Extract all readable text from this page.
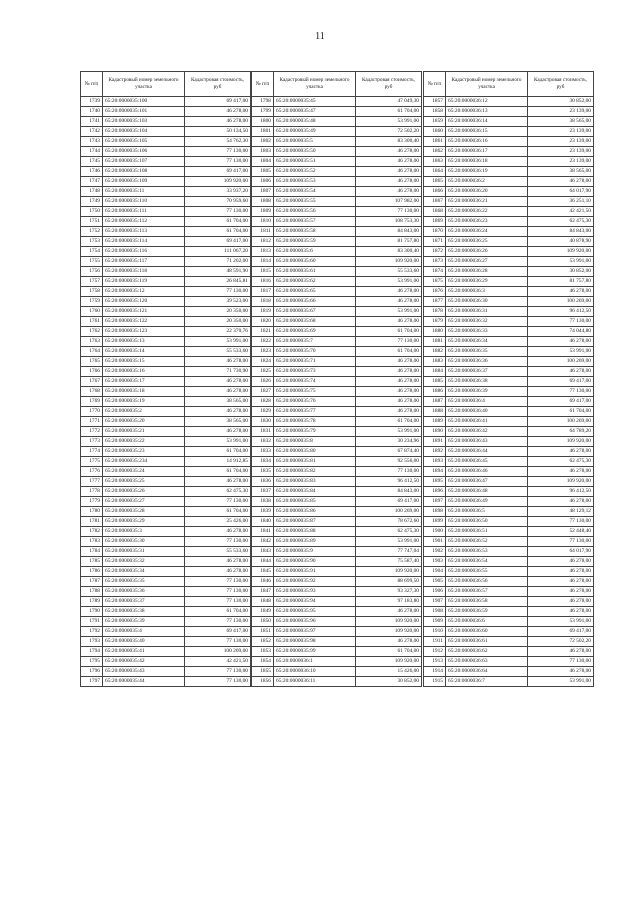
11
№ п/п	Кадастровый номер земельного участка	Кадастровая стоимость, руб
1739	65:20:0000035:100	69 417,00
1740	65:20:0000035:101	46 278,00
1741	65:20:0000035:103	46 278,00
1742	65:20:0000035:104	50 134,50
1743	65:20:0000035:105	54 762,30
1744	65:20:0000035:106	77 130,00
1745	65:20:0000035:107	77 130,00
1746	65:20:0000035:108	69 417,00
1747	65:20:0000035:109	109 920,00
1748	65:20:0000035:11	33 937,20
1749	65:20:0000035:110	70 959,60
1750	65:20:0000035:111	77 130,00
1751	65:20:0000035:112	61 704,00
1752	65:20:0000035:113	61 704,00
1753	65:20:0000035:114	69 417,00
1754	65:20:0000035:116	111 067,20
1755	65:20:0000035:117	71 202,00
1756	65:20:0000035:118	48 591,90
1757	65:20:0000035:119	26 845,81
1758	65:20:0000035:12	77 130,00
1759	65:20:0000035:120	39 523,00
1760	65:20:0000035:121	20 350,00
1761	65:20:0000035:122	20 350,00
1762	65:20:0000035:123	22 370,76
1763	65:20:0000035:13	53 991,00
1764	65:20:0000035:14	55 533,60
1765	65:20:0000035:15	46 278,00
1766	65:20:0000035:16	71 730,90
1767	65:20:0000035:17	46 278,00
1768	65:20:0000035:18	46 278,00
1769	65:20:0000035:19	38 565,00
1770	65:20:0000035:2	46 278,00
1771	65:20:0000035:20	38 565,00
1772	65:20:0000035:21	46 278,00
1773	65:20:0000035:22	53 991,00
1774	65:20:0000035:23	61 704,00
1775	65:20:0000035:234	14 912,85
1776	65:20:0000035:24	61 704,00
1777	65:20:0000035:25	46 278,00
1778	65:20:0000035:26	62 475,30
1779	65:20:0000035:27	77 130,00
1780	65:20:0000035:28	61 704,00
1781	65:20:0000035:29	25 426,00
1782	65:20:0000035:3	46 278,00
1783	65:20:0000035:30	77 130,00
1784	65:20:0000035:31	55 533,60
1785	65:20:0000035:32	46 278,00
1786	65:20:0000035:34	46 278,00
1787	65:20:0000035:35	77 130,00
1788	65:20:0000035:36	77 130,00
1789	65:20:0000035:37	77 130,00
1790	65:20:0000035:38	61 704,00
1791	65:20:0000035:39	77 130,00
1792	65:20:0000035:4	69 417,00
1793	65:20:0000035:40	77 130,00
1794	65:20:0000035:41	100 269,00
1795	65:20:0000035:42	42 421,50
1796	65:20:0000035:43	77 130,00
1797	65:20:0000035:44	77 130,00
№ п/п	Кадастровый номер земельного участка	Кадастровая стоимость, руб
1798	65:20:0000035:45	47 049,30
1799	65:20:0000035:47	61 704,00
1800	65:20:0000035:48	53 991,00
1801	65:20:0000035:49	72 502,20
1802	65:20:0000035:5	83 300,40
1803	65:20:0000035:50	46 278,00
1804	65:20:0000035:51	46 278,00
1805	65:20:0000035:52	46 278,00
1806	65:20:0000035:53	46 278,00
1807	65:20:0000035:54	46 278,00
1808	65:20:0000035:55	107 982,00
1809	65:20:0000035:56	77 130,00
1810	65:20:0000035:57	108 753,30
1811	65:20:0000035:58	84 843,00
1812	65:20:0000035:59	81 757,80
1813	65:20:0000035:6	83 300,40
1814	65:20:0000035:60	109 920,00
1815	65:20:0000035:61	55 533,60
1816	65:20:0000035:62	53 991,00
1817	65:20:0000035:65	46 278,00
1818	65:20:0000035:66	46 278,00
1819	65:20:0000035:67	53 991,00
1820	65:20:0000035:68	46 278,00
1821	65:20:0000035:69	61 704,00
1822	65:20:0000035:7	77 130,00
1823	65:20:0000035:70	61 704,00
1824	65:20:0000035:71	46 278,00
1825	65:20:0000035:73	46 278,00
1826	65:20:0000035:74	46 278,00
1827	65:20:0000035:75	46 278,00
1828	65:20:0000035:76	46 278,00
1829	65:20:0000035:77	46 278,00
1830	65:20:0000035:78	61 704,00
1831	65:20:0000035:79	53 991,00
1832	65:20:0000035:8	30 234,96
1833	65:20:0000035:80	67 874,40
1834	65:20:0000035:81	92 556,00
1835	65:20:0000035:82	77 130,00
1836	65:20:0000035:83	96 412,50
1837	65:20:0000035:84	84 843,00
1838	65:20:0000035:85	69 417,00
1839	65:20:0000035:86	100 269,00
1840	65:20:0000035:87	78 672,60
1841	65:20:0000035:88	62 475,30
1842	65:20:0000035:89	53 991,00
1843	65:20:0000035:9	77 747,04
1844	65:20:0000035:90	75 587,40
1845	65:20:0000035:91	109 920,00
1846	65:20:0000035:92	88 699,50
1847	65:20:0000035:93	93 327,30
1848	65:20:0000035:94	97 183,80
1849	65:20:0000035:95	46 278,00
1850	65:20:0000035:96	109 920,00
1851	65:20:0000035:97	109 920,00
1852	65:20:0000035:98	46 278,00
1853	65:20:0000035:99	61 704,00
1854	65:20:0000036:1	109 920,00
1855	65:20:0000036:10	15 426,00
1856	65:20:0000036:11	30 852,00
№ п/п	Кадастровый номер земельного участка	Кадастровая стоимость, руб
1857	65:20:0000036:12	30 852,00
1858	65:20:0000036:13	23 139,00
1859	65:20:0000036:14	38 565,00
1860	65:20:0000036:15	23 139,00
1861	65:20:0000036:16	23 139,00
1862	65:20:0000036:17	23 139,00
1863	65:20:0000036:18	23 139,00
1864	65:20:0000036:19	38 565,00
1865	65:20:0000036:2	46 278,00
1866	65:20:0000036:20	64 017,90
1867	65:20:0000036:21	36 251,10
1868	65:20:0000036:22	42 421,50
1869	65:20:0000036:23	62 475,30
1870	65:20:0000036:24	84 843,00
1871	65:20:0000036:25	40 878,90
1872	65:20:0000036:26	109 920,00
1873	65:20:0000036:27	53 991,00
1874	65:20:0000036:28	30 852,00
1875	65:20:0000036:29	81 757,80
1876	65:20:0000036:3	46 278,00
1877	65:20:0000036:30	100 269,00
1878	65:20:0000036:31	96 412,50
1879	65:20:0000036:32	77 130,00
1880	65:20:0000036:33	74 044,80
1881	65:20:0000036:34	46 278,00
1882	65:20:0000036:35	53 991,00
1883	65:20:0000036:36	100 269,00
1884	65:20:0000036:37	46 278,00
1885	65:20:0000036:38	69 417,00
1886	65:20:0000036:39	77 130,00
1887	65:20:0000036:4	69 417,00
1888	65:20:0000036:40	61 704,00
1889	65:20:0000036:41	100 269,00
1890	65:20:0000036:42	64 789,20
1891	65:20:0000036:43	109 920,00
1892	65:20:0000036:44	46 278,00
1893	65:20:0000036:45	62 475,30
1894	65:20:0000036:46	46 278,00
1895	65:20:0000036:47	109 920,00
1896	65:20:0000036:48	96 412,50
1897	65:20:0000036:49	46 278,00
1898	65:20:0000036:5	48 129,12
1899	65:20:0000036:50	77 130,00
1900	65:20:0000036:51	52 448,40
1901	65:20:0000036:52	77 130,00
1902	65:20:0000036:53	64 017,90
1903	65:20:0000036:54	46 278,00
1904	65:20:0000036:55	46 278,00
1905	65:20:0000036:56	46 278,00
1906	65:20:0000036:57	46 278,00
1907	65:20:0000036:58	46 278,00
1908	65:20:0000036:59	46 278,00
1909	65:20:0000036:6	53 991,00
1910	65:20:0000036:60	69 417,00
1911	65:20:0000036:61	72 502,20
1912	65:20:0000036:62	46 278,00
1913	65:20:0000036:63	77 130,00
1914	65:20:0000036:64	46 278,00
1915	65:20:0000036:7	53 991,00
